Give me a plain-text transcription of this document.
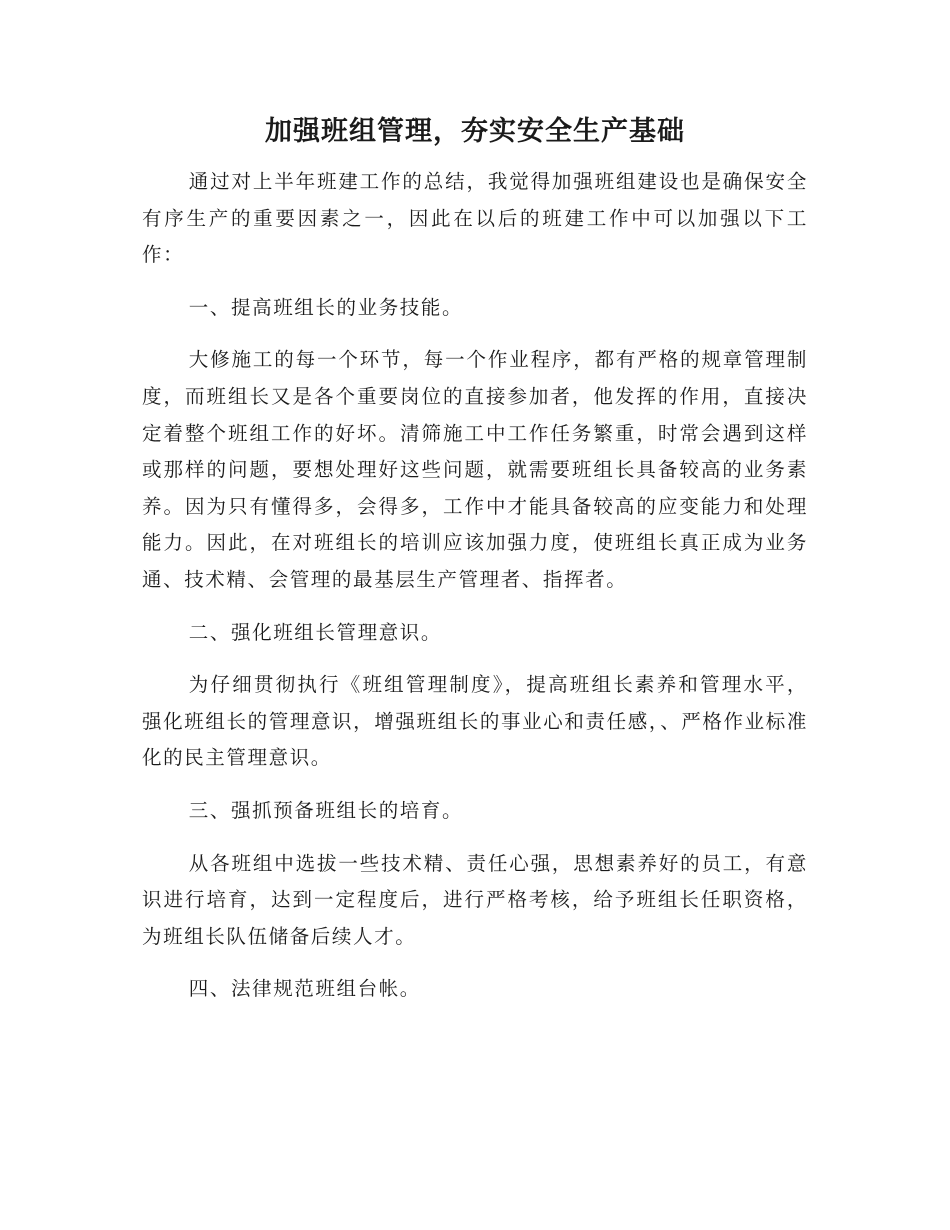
加强班组管理，夯实安全生产基础

通过对上半年班建工作的总结，我觉得加强班组建设也是确保安全有序生产的重要因素之一，因此在以后的班建工作中可以加强以下工作：

一、提高班组长的业务技能。

大修施工的每一个环节，每一个作业程序，都有严格的规章管理制度，而班组长又是各个重要岗位的直接参加者，他发挥的作用，直接决定着整个班组工作的好坏。清筛施工中工作任务繁重，时常会遇到这样或那样的问题，要想处理好这些问题，就需要班组长具备较高的业务素养。因为只有懂得多，会得多，工作中才能具备较高的应变能力和处理能力。因此，在对班组长的培训应该加强力度，使班组长真正成为业务通、技术精、会管理的最基层生产管理者、指挥者。

二、强化班组长管理意识。

为仔细贯彻执行《班组管理制度》，提高班组长素养和管理水平，强化班组长的管理意识，增强班组长的事业心和责任感，、严格作业标准化的民主管理意识。

三、强抓预备班组长的培育。

从各班组中选拔一些技术精、责任心强，思想素养好的员工，有意识进行培育，达到一定程度后，进行严格考核，给予班组长任职资格，为班组长队伍储备后续人才。

四、法律规范班组台帐。
